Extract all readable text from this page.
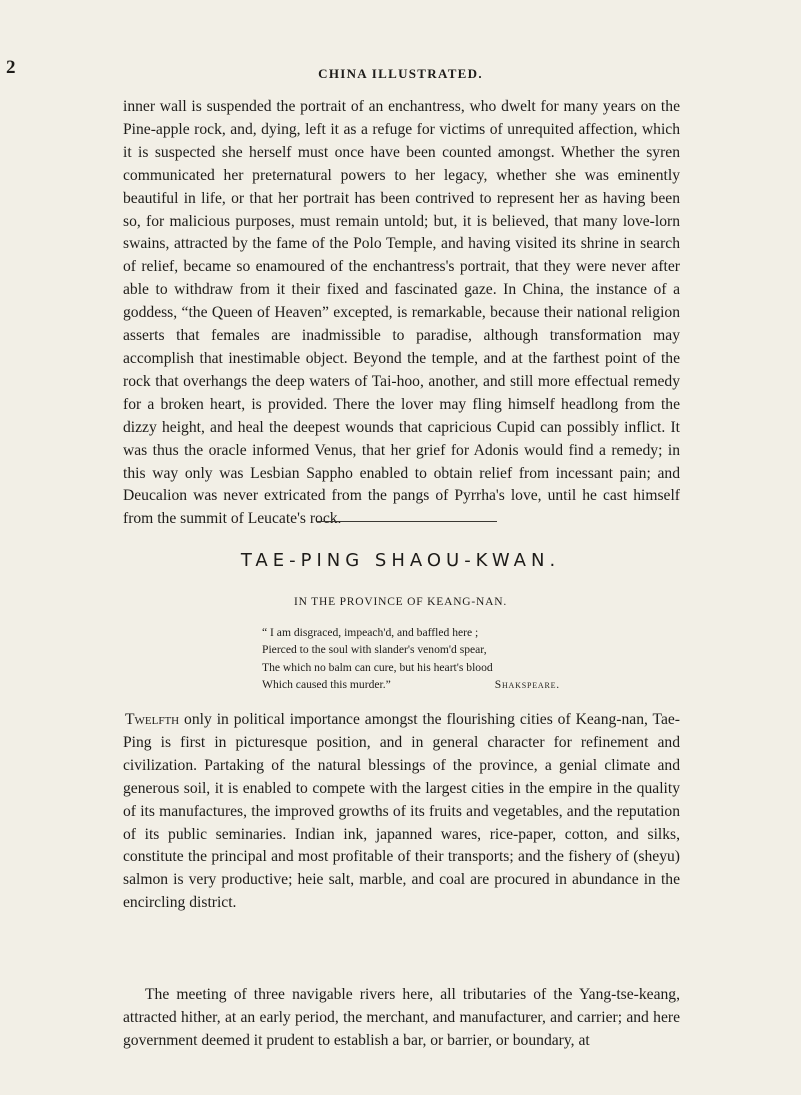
2	CHINA ILLUSTRATED.

inner wall is suspended the portrait of an enchantress, who dwelt for many years on the Pine-apple rock, and, dying, left it as a refuge for victims of unrequited affection, which it is suspected she herself must once have been counted amongst. Whether the syren communicated her preternatural powers to her legacy, whether she was eminently beautiful in life, or that her portrait has been contrived to represent her as having been so, for malicious purposes, must remain untold; but, it is believed, that many love-lorn swains, attracted by the fame of the Polo Temple, and having visited its shrine in search of relief, became so enamoured of the enchantress's portrait, that they were never after able to withdraw from it their fixed and fascinated gaze. In China, the instance of a goddess, “the Queen of Heaven” excepted, is remarkable, because their national religion asserts that females are inadmissible to paradise, although transformation may accomplish that inestimable object. Beyond the temple, and at the farthest point of the rock that overhangs the deep waters of Tai-hoo, another, and still more effectual remedy for a broken heart, is provided. There the lover may fling himself headlong from the dizzy height, and heal the deepest wounds that capricious Cupid can possibly inflict. It was thus the oracle informed Venus, that her grief for Adonis would find a remedy; in this way only was Lesbian Sappho enabled to obtain relief from incessant pain; and Deucalion was never extricated from the pangs of Pyrrha's love, until he cast himself from the summit of Leucate's rock.

TAE-PING SHAOU-KWAN.
IN THE PROVINCE OF KEANG-NAN.
“ I am disgraced, impeach'd, and baffled here ;
Pierced to the soul with slander's venom'd spear,
The which no balm can cure, but his heart's blood
Which caused this murder.”	Shakspeare.

Twelfth only in political importance amongst the flourishing cities of Keang-nan, Tae-Ping is first in picturesque position, and in general character for refinement and civilization. Partaking of the natural blessings of the province, a genial climate and generous soil, it is enabled to compete with the largest cities in the empire in the quality of its manufactures, the improved growths of its fruits and vegetables, and the reputation of its public seminaries. Indian ink, japanned wares, rice-paper, cotton, and silks, constitute the principal and most profitable of their transports; and the fishery of (sheyu) salmon is very productive; heie salt, marble, and coal are procured in abundance in the encircling district.

The meeting of three navigable rivers here, all tributaries of the Yang-tse-keang, attracted hither, at an early period, the merchant, and manufacturer, and carrier; and here government deemed it prudent to establish a bar, or barrier, or boundary, at
